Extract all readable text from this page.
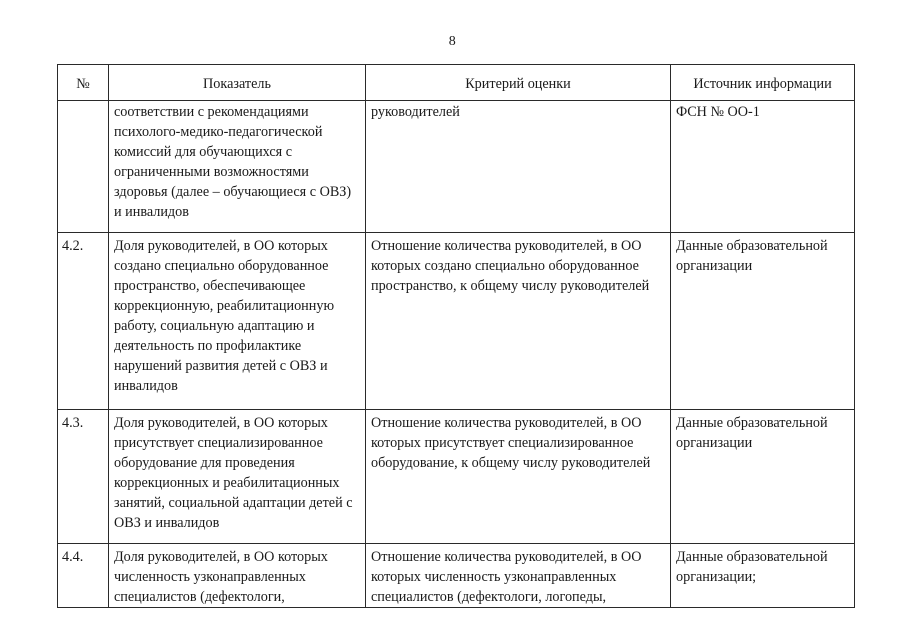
8
№	Показатель	Критерий оценки	Источник информации
	соответствии с рекомендациями психолого-медико-педагогической комиссий для обучающихся с ограниченными возможностями здоровья (далее – обучающиеся с ОВЗ) и инвалидов	руководителей	ФСН № ОО-1
4.2.	Доля руководителей, в ОО которых создано специально оборудованное пространство, обеспечивающее коррекционную, реабилитационную работу, социальную адаптацию и деятельность по профилактике нарушений развития детей с ОВЗ и инвалидов	Отношение количества руководителей, в ОО которых создано специально оборудованное пространство, к общему числу руководителей	Данные образовательной организации
4.3.	Доля руководителей, в ОО которых присутствует специализированное оборудование для проведения коррекционных и реабилитационных занятий, социальной адаптации детей с ОВЗ и инвалидов	Отношение количества руководителей, в ОО которых присутствует специализированное оборудование, к общему числу руководителей	Данные образовательной организации
4.4.	Доля руководителей, в ОО которых численность узконаправленных специалистов (дефектологи,	Отношение количества руководителей, в ОО которых численность узконаправленных специалистов (дефектологи, логопеды,	Данные образовательной организации;
